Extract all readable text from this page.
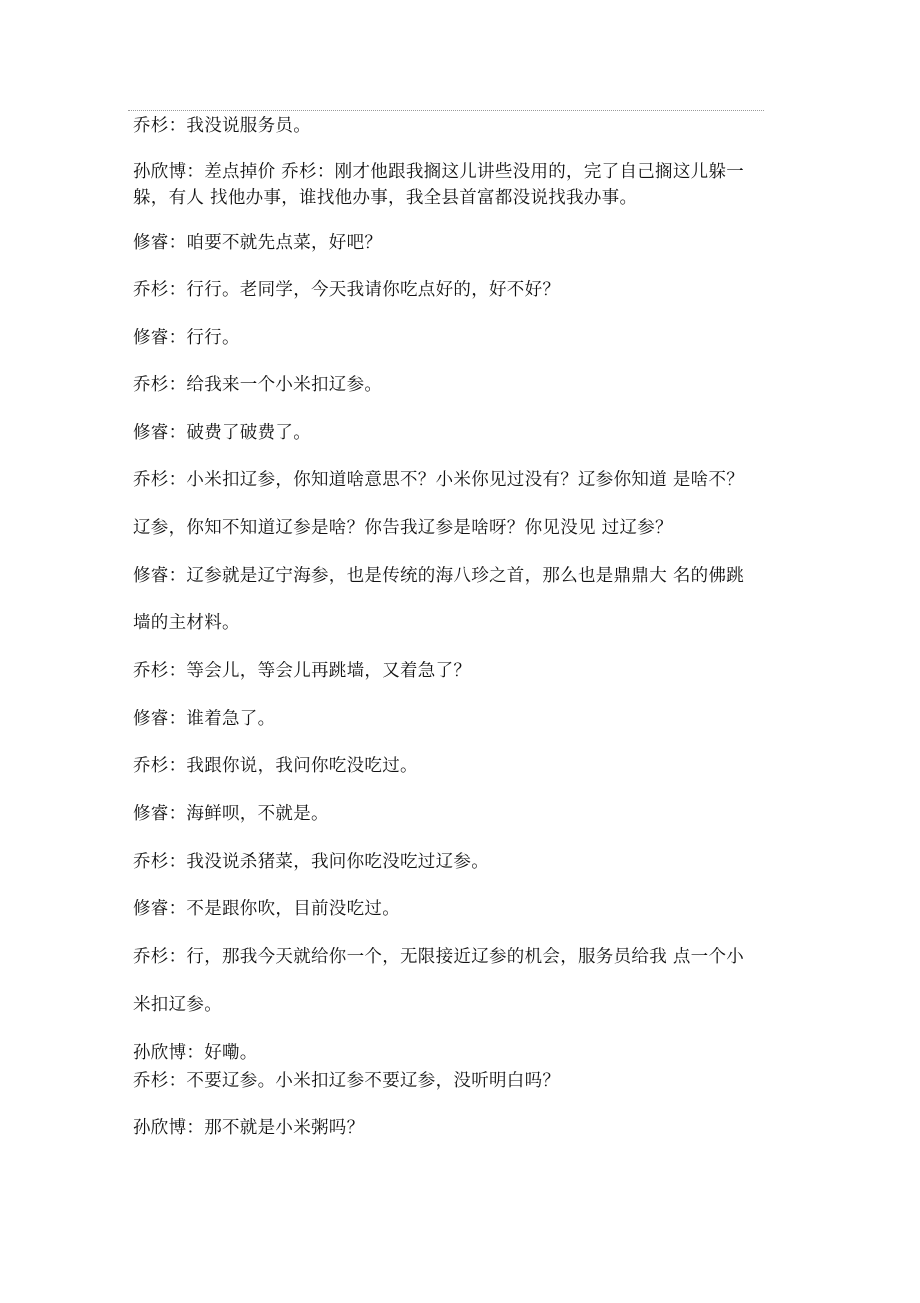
乔杉：我没说服务员。
孙欣博：差点掉价 乔杉：刚才他跟我搁这儿讲些没用的，完了自己搁这儿躲一
躲，有人 找他办事，谁找他办事，我全县首富都没说找我办事。
修睿：咱要不就先点菜，好吧？
乔杉：行行。老同学，今天我请你吃点好的，好不好？
修睿：行行。
乔杉：给我来一个小米扣辽参。
修睿：破费了破费了。
乔杉：小米扣辽参，你知道啥意思不？小米你见过没有？辽参你知道 是啥不？
辽参，你知不知道辽参是啥？你告我辽参是啥呀？你见没见 过辽参？
修睿：辽参就是辽宁海参，也是传统的海八珍之首，那么也是鼎鼎大 名的佛跳
墙的主材料。
乔杉：等会儿，等会儿再跳墙，又着急了？
修睿：谁着急了。
乔杉：我跟你说，我问你吃没吃过。
修睿：海鲜呗，不就是。
乔杉：我没说杀猪菜，我问你吃没吃过辽参。
修睿：不是跟你吹，目前没吃过。
乔杉：行，那我今天就给你一个，无限接近辽参的机会，服务员给我 点一个小
米扣辽参。
孙欣博：好嘞。
乔杉：不要辽参。小米扣辽参不要辽参，没听明白吗？
孙欣博：那不就是小米粥吗？
